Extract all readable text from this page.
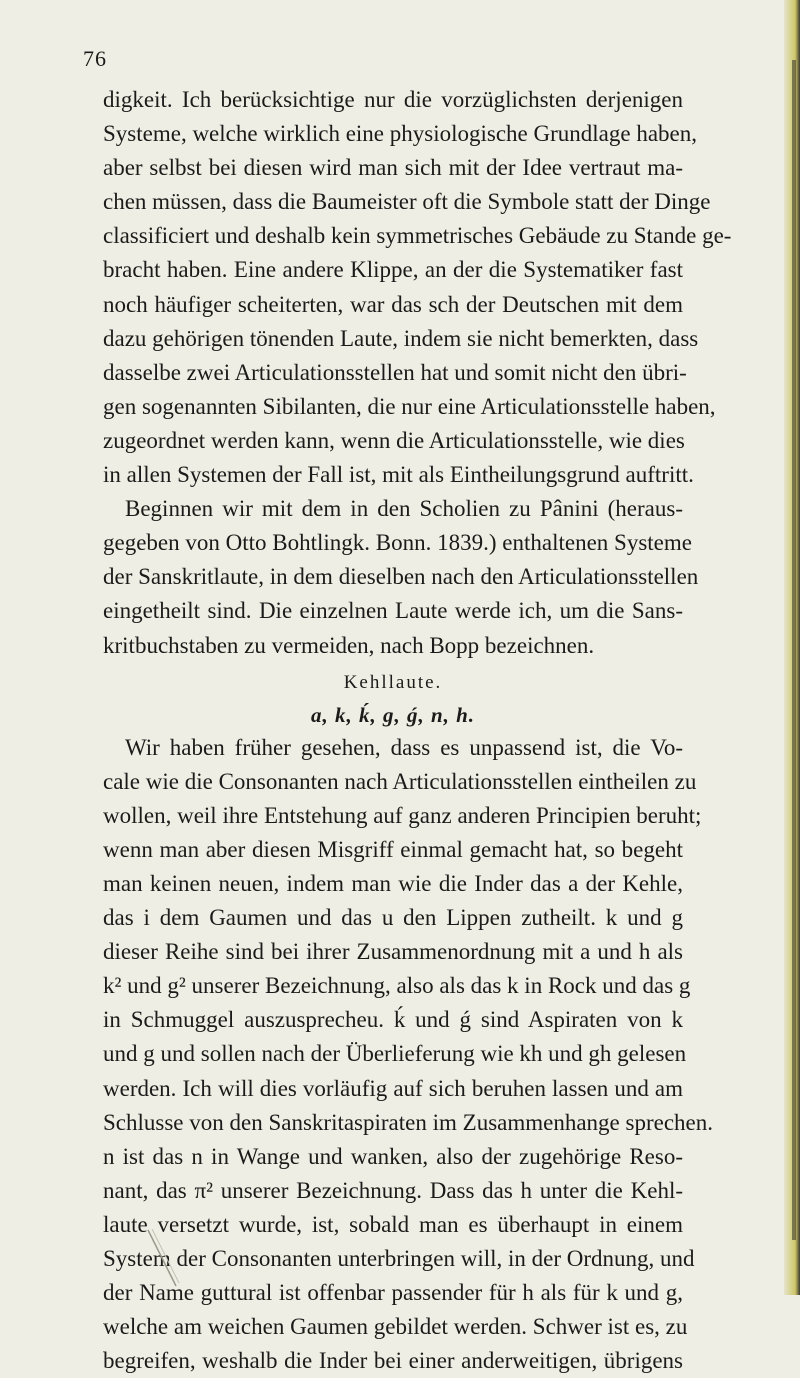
76
digkeit. Ich berücksichtige nur die vorzüglichsten derjenigen
Systeme, welche wirklich eine physiologische Grundlage haben,
aber selbst bei diesen wird man sich mit der Idee vertraut ma-
chen müssen, dass die Baumeister oft die Symbole statt der Dinge
classificiert und deshalb kein symmetrisches Gebäude zu Stande ge-
bracht haben. Eine andere Klippe, an der die Systematiker fast
noch häufiger scheiterten, war das sch der Deutschen mit dem
dazu gehörigen tönenden Laute, indem sie nicht bemerkten, dass
dasselbe zwei Articulationsstellen hat und somit nicht den übri-
gen sogenannten Sibilanten, die nur eine Articulationsstelle haben,
zugeordnet werden kann, wenn die Articulationsstelle, wie dies
in allen Systemen der Fall ist, mit als Eintheilungsgrund auftritt.
Beginnen wir mit dem in den Scholien zu Pânini (heraus-
gegeben von Otto Bohtlingk. Bonn. 1839.) enthaltenen Systeme
der Sanskritlaute, in dem dieselben nach den Articulationsstellen
eingetheilt sind. Die einzelnen Laute werde ich, um die Sans-
kritbuchstaben zu vermeiden, nach Bopp bezeichnen.
Kehllaute.
a, k, ḱ, g, ǵ, n, h.
Wir haben früher gesehen, dass es unpassend ist, die Vo-
cale wie die Consonanten nach Articulationsstellen eintheilen zu
wollen, weil ihre Entstehung auf ganz anderen Principien beruht;
wenn man aber diesen Misgriff einmal gemacht hat, so begeht
man keinen neuen, indem man wie die Inder das a der Kehle,
das i dem Gaumen und das u den Lippen zutheilt. k und g
dieser Reihe sind bei ihrer Zusammenordnung mit a und h als
k² und g² unserer Bezeichnung, also als das k in Rock und das g
in Schmuggel auszusprecheu. ḱ und ǵ sind Aspiraten von k
und g und sollen nach der Überlieferung wie kh und gh gelesen
werden. Ich will dies vorläufig auf sich beruhen lassen und am
Schlusse von den Sanskritaspiraten im Zusammenhange sprechen.
n ist das n in Wange und wanken, also der zugehörige Reso-
nant, das π² unserer Bezeichnung. Dass das h unter die Kehl-
laute versetzt wurde, ist, sobald man es überhaupt in einem
System der Consonanten unterbringen will, in der Ordnung, und
der Name guttural ist offenbar passender für h als für k und g,
welche am weichen Gaumen gebildet werden. Schwer ist es, zu
begreifen, weshalb die Inder bei einer anderweitigen, übrigens
